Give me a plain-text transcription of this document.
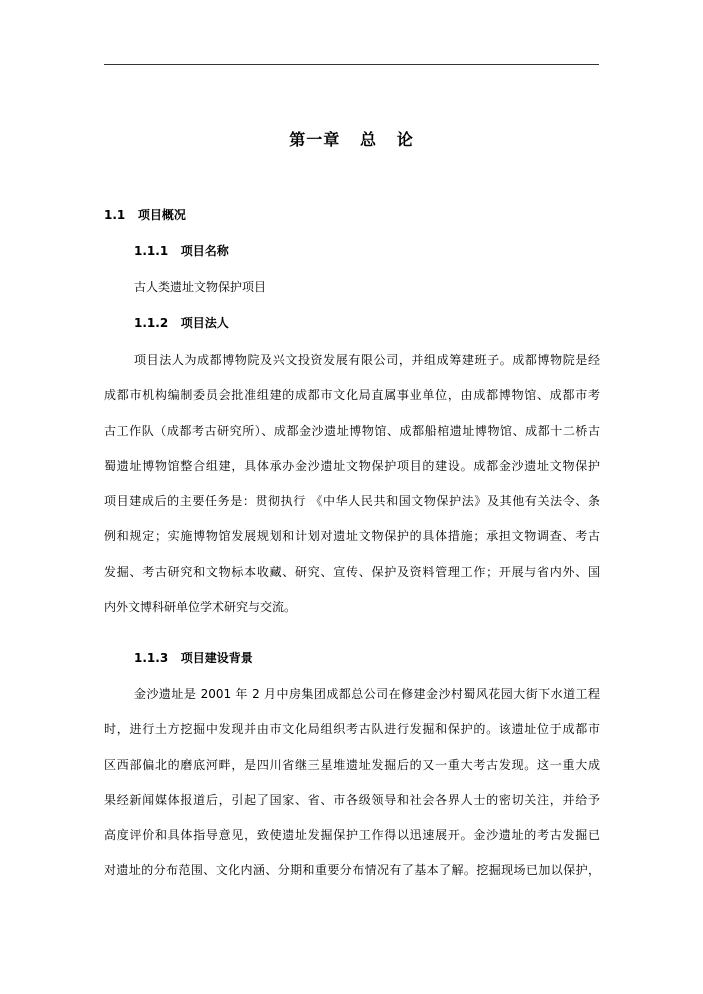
第一章   总   论
1.1 项目概况
1.1.1 项目名称
古人类遗址文物保护项目
1.1.2 项目法人
项目法人为成都博物院及兴文投资发展有限公司，并组成筹建班子。成都博物院是经
成都市机构编制委员会批准组建的成都市文化局直属事业单位，由成都博物馆、成都市考
古工作队（成都考古研究所）、成都金沙遗址博物馆、成都船棺遗址博物馆、成都十二桥古
蜀遗址博物馆整合组建，具体承办金沙遗址文物保护项目的建设。成都金沙遗址文物保护
项目建成后的主要任务是：贯彻执行 《中华人民共和国文物保护法》及其他有关法令、条
例和规定；实施博物馆发展规划和计划对遗址文物保护的具体措施；承担文物调查、考古
发掘、考古研究和文物标本收藏、研究、宣传、保护及资料管理工作；开展与省内外、国
内外文博科研单位学术研究与交流。
1.1.3 项目建设背景
金沙遗址是 2001 年 2 月中房集团成都总公司在修建金沙村蜀风花园大街下水道工程
时，进行土方挖掘中发现并由市文化局组织考古队进行发掘和保护的。该遗址位于成都市
区西部偏北的磨底河畔，是四川省继三星堆遗址发掘后的又一重大考古发现。这一重大成
果经新闻媒体报道后，引起了国家、省、市各级领导和社会各界人士的密切关注，并给予
高度评价和具体指导意见，致使遗址发掘保护工作得以迅速展开。金沙遗址的考古发掘已
对遗址的分布范围、文化内涵、分期和重要分布情况有了基本了解。挖掘现场已加以保护，
